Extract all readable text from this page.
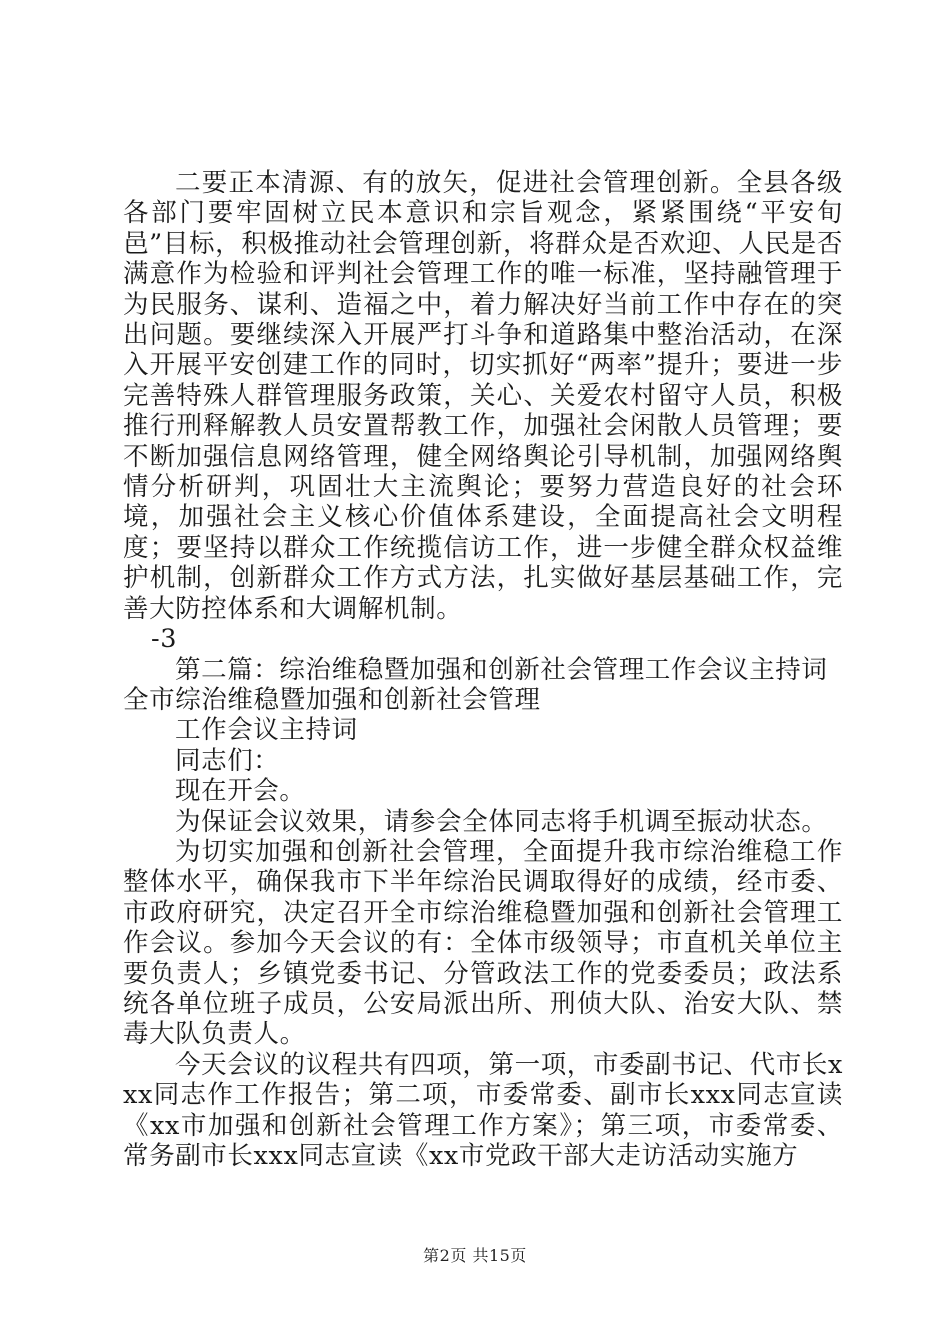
二要正本清源、有的放矢，促进社会管理创新。全县各级各部门要牢固树立民本意识和宗旨观念，紧紧围绕“平安旬邑”目标，积极推动社会管理创新，将群众是否欢迎、人民是否满意作为检验和评判社会管理工作的唯一标准，坚持融管理于为民服务、谋利、造福之中，着力解决好当前工作中存在的突出问题。要继续深入开展严打斗争和道路集中整治活动，在深入开展平安创建工作的同时，切实抓好“两率”提升；要进一步完善特殊人群管理服务政策，关心、关爱农村留守人员，积极推行刑释解教人员安置帮教工作，加强社会闲散人员管理；要不断加强信息网络管理，健全网络舆论引导机制，加强网络舆情分析研判，巩固壮大主流舆论；要努力营造良好的社会环境，加强社会主义核心价值体系建设，全面提高社会文明程度；要坚持以群众工作统揽信访工作，进一步健全群众权益维护机制，创新群众工作方式方法，扎实做好基层基础工作，完善大防控体系和大调解机制。

-3

第二篇：综治维稳暨加强和创新社会管理工作会议主持词

全市综治维稳暨加强和创新社会管理

工作会议主持词

同志们：

现在开会。

为保证会议效果，请参会全体同志将手机调至振动状态。

为切实加强和创新社会管理，全面提升我市综治维稳工作整体水平，确保我市下半年综治民调取得好的成绩，经市委、市政府研究，决定召开全市综治维稳暨加强和创新社会管理工作会议。参加今天会议的有：全体市级领导；市直机关单位主要负责人；乡镇党委书记、分管政法工作的党委委员；政法系统各单位班子成员，公安局派出所、刑侦大队、治安大队、禁毒大队负责人。

今天会议的议程共有四项，第一项，市委副书记、代市长xxx同志作工作报告；第二项，市委常委、副市长xxx同志宣读《xx市加强和创新社会管理工作方案》；第三项，市委常委、常务副市长xxx同志宣读《xx市党政干部大走访活动实施方

第2页 共15页
